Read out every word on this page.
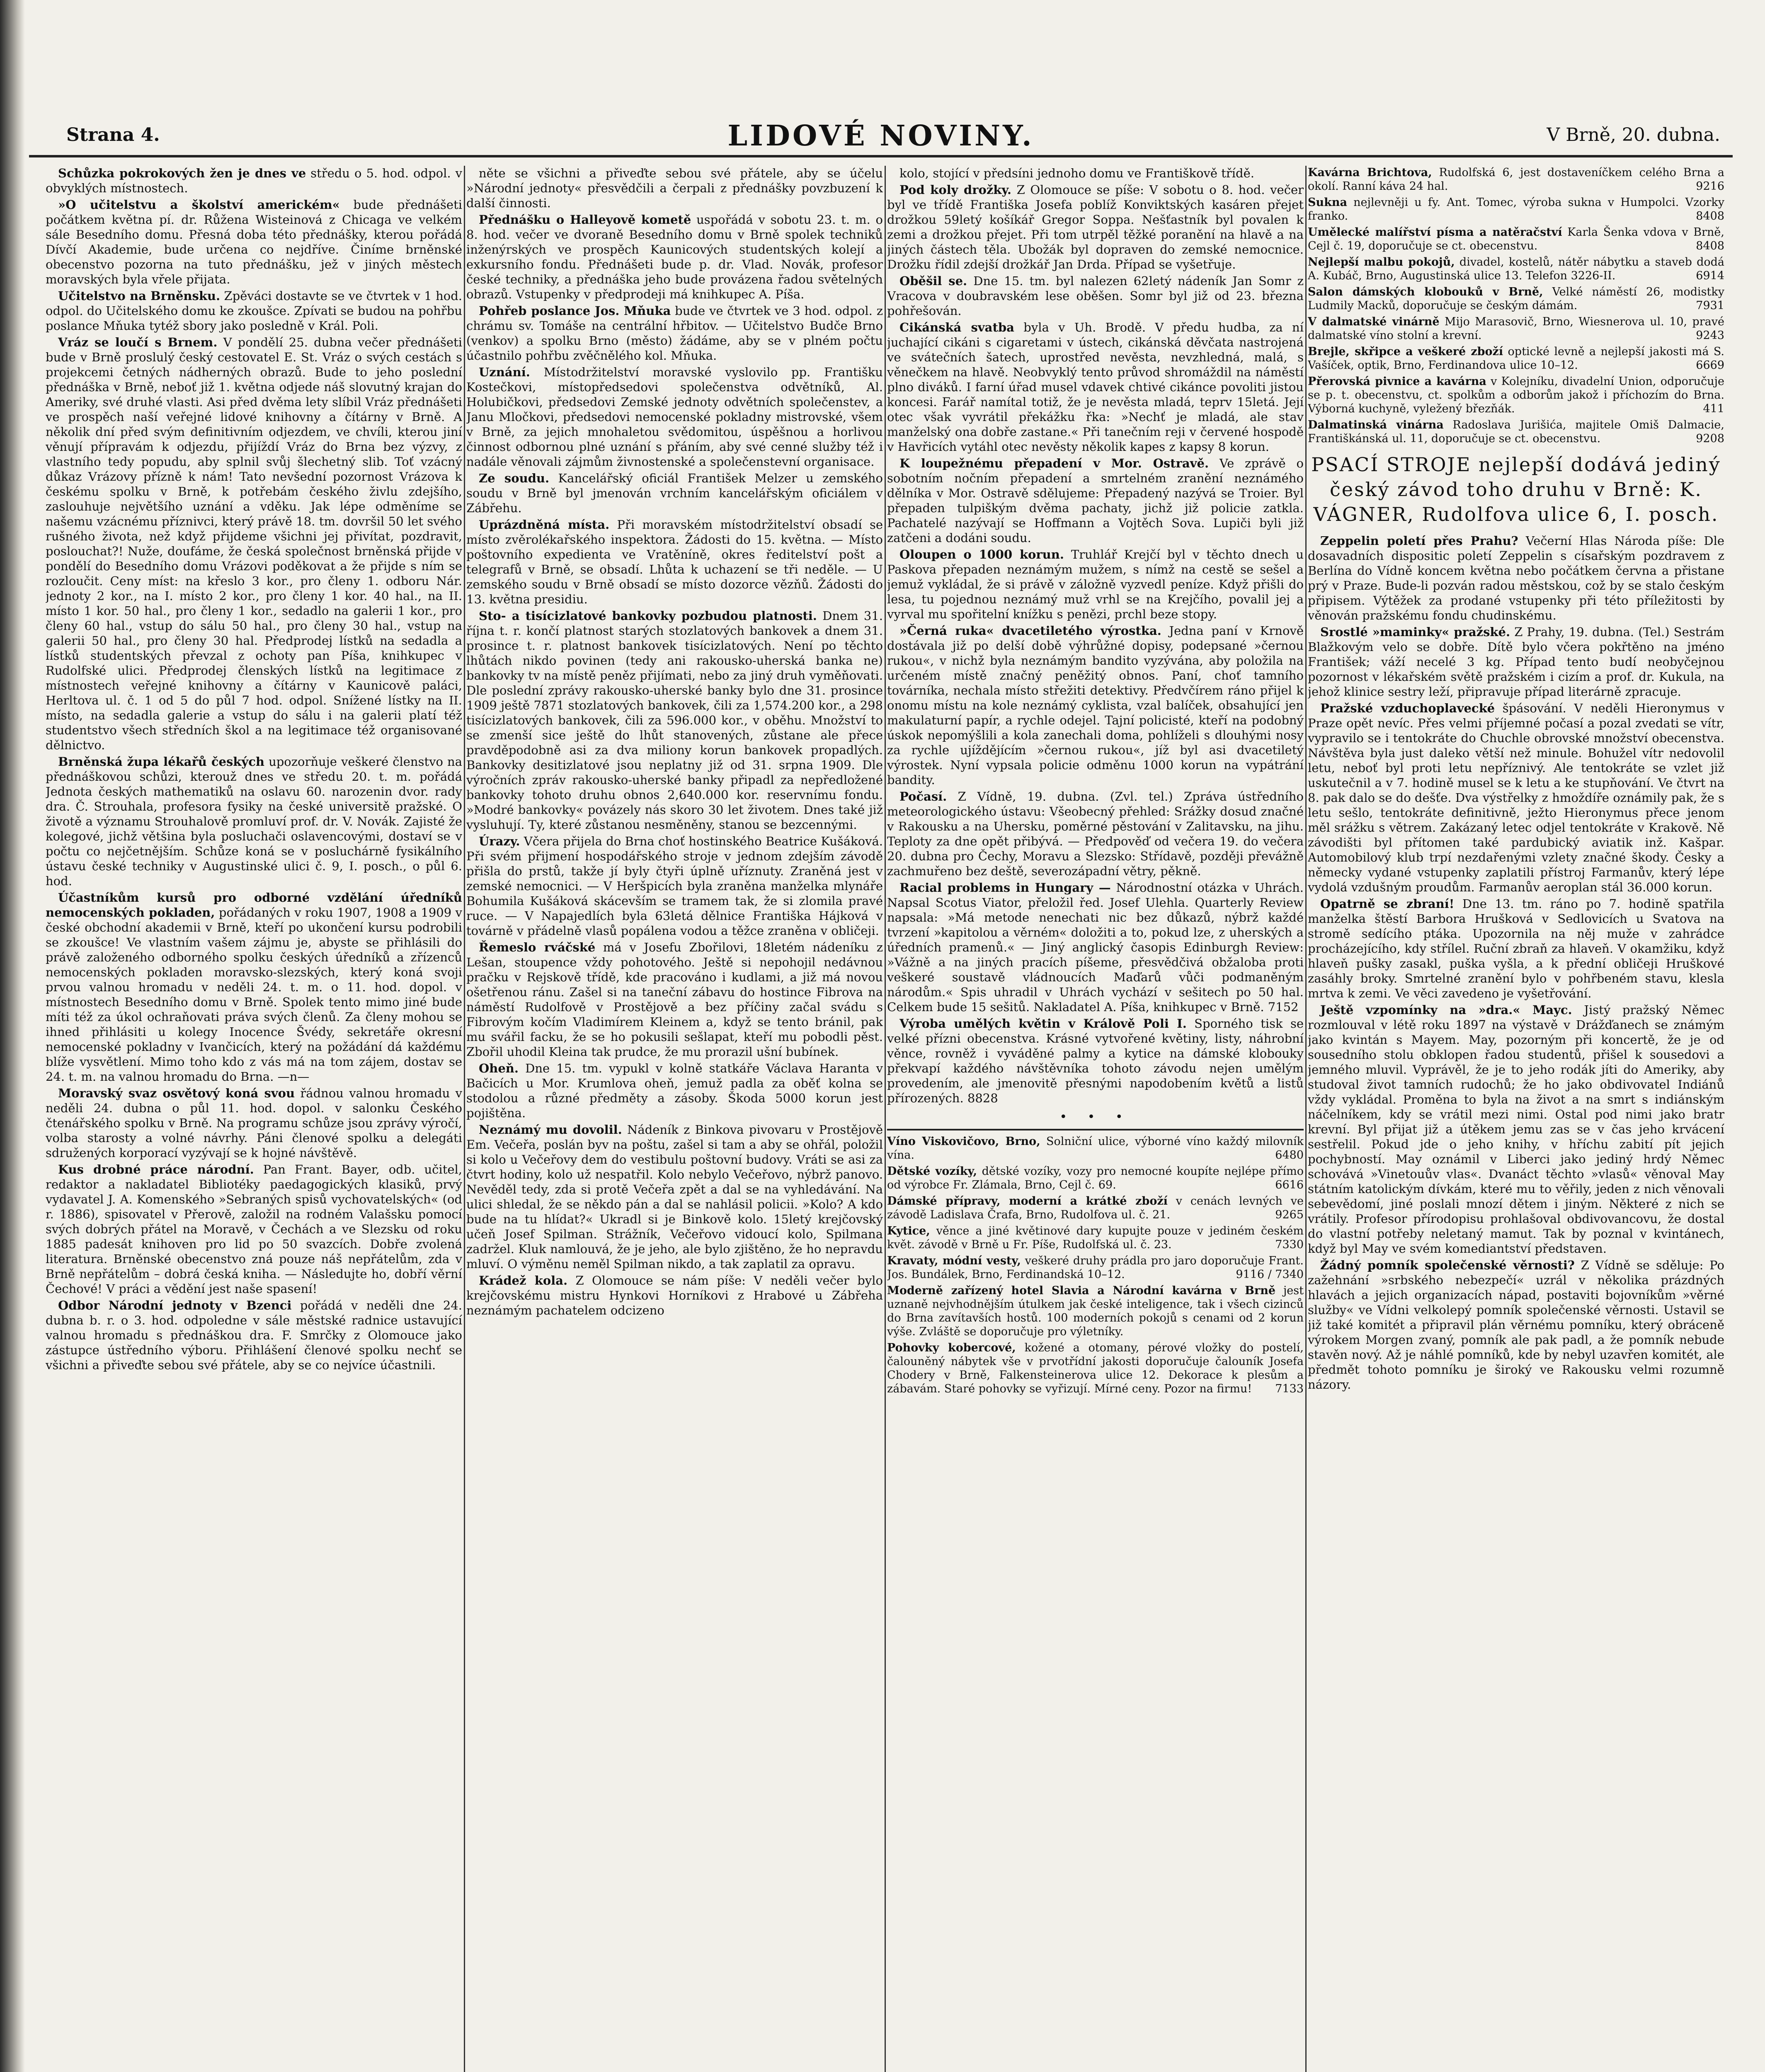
Strana 4.	LIDOVÉ NOVINY.	V Brně, 20. dubna.

Schůzka pokrokových žen je dnes ve středu o 5. hod. odpol. v obvyklých místnostech.

»O učitelstvu a školství americkém« bude přednášeti počátkem května pí. dr. Růžena Wisteinová z Chicaga ve velkém sále Besedního domu. Přesná doba této přednášky, kterou pořádá Dívčí Akademie, bude určena co nejdříve. Činíme brněnské obecenstvo pozorna na tuto přednášku, jež v jiných městech moravských byla vřele přijata.

Učitelstvo na Brněnsku. Zpěváci dostavte se ve čtvrtek v 1 hod. odpol. do Učitelského domu ke zkoušce. Zpívati se budou na pohřbu poslance Mňuka tytéž sbory jako posledně v Král. Poli.

Vráz se loučí s Brnem. V pondělí 25. dubna večer přednášeti bude v Brně proslulý český cestovatel E. St. Vráz o svých cestách s projekcemi četných nádherných obrazů. Bude to jeho poslední přednáška v Brně, neboť již 1. května odjede náš slovutný krajan do Ameriky, své druhé vlasti. Asi před dvěma lety slíbil Vráz přednášeti ve prospěch naší veřejné lidové knihovny a čítárny v Brně. A několik dní před svým definitivním odjezdem, ve chvíli, kterou jiní věnují přípravám k odjezdu, přijíždí Vráz do Brna bez výzvy, z vlastního tedy popudu, aby splnil svůj šlechetný slib. Toť vzácný důkaz Vrázovy přízně k nám! Tato nevšední pozornost Vrázova k českému spolku v Brně, k potřebám českého živlu zdejšího, zaslouhuje největšího uznání a vděku. Jak lépe odměníme se našemu vzácnému příznivci, který právě 18. tm. dovršil 50 let svého rušného života, než když přijdeme všichni jej přivítat, pozdravit, poslouchat?! Nuže, doufáme, že česká společnost brněnská přijde v pondělí do Besedního domu Vrázovi poděkovat a že přijde s ním se rozloučit. Ceny míst: na křeslo 3 kor., pro členy 1. odboru Nár. jednoty 2 kor., na I. místo 2 kor., pro členy 1 kor. 40 hal., na II. místo 1 kor. 50 hal., pro členy 1 kor., sedadlo na galerii 1 kor., pro členy 60 hal., vstup do sálu 50 hal., pro členy 30 hal., vstup na galerii 50 hal., pro členy 30 hal. Předprodej lístků na sedadla a lístků studentských převzal z ochoty pan Píša, knihkupec v Rudolfské ulici. Předprodej členských lístků na legitimace z místnostech veřejné knihovny a čítárny v Kaunicově paláci, Herltova ul. č. 1 od 5 do půl 7 hod. odpol. Snížené lístky na II. místo, na sedadla galerie a vstup do sálu i na galerii platí též studentstvo všech středních škol a na legitimace též organisované dělnictvo.

Brněnská župa lékařů českých upozorňuje veškeré členstvo na přednáškovou schůzi, kterouž dnes ve středu 20. t. m. pořádá Jednota českých mathematiků na oslavu 60. narozenin dvor. rady dra. Č. Strouhala, profesora fysiky na české universitě pražské. O životě a významu Strouhalově promluví prof. dr. V. Novák. Zajisté že kolegové, jichž většina byla posluchači oslavencovými, dostaví se v počtu co nejčetnějším. Schůze koná se v posluchárně fysikálního ústavu české techniky v Augustinské ulici č. 9, I. posch., o půl 6. hod.

Účastníkům kursů pro odborné vzdělání úředníků nemocenských pokladen, pořádaných v roku 1907, 1908 a 1909 v české obchodní akademii v Brně, kteří po ukončení kursu podrobili se zkoušce! Ve vlastním vašem zájmu je, abyste se přihlásili do právě založeného odborného spolku českých úředníků a zřízenců nemocenských pokladen moravsko-slezských, který koná svoji prvou valnou hromadu v neděli 24. t. m. o 11. hod. dopol. v místnostech Besedního domu v Brně. Spolek tento mimo jiné bude míti též za úkol ochraňovati práva svých členů. Za členy mohou se ihned přihlásiti u kolegy Inocence Švédy, sekretáře okresní nemocenské pokladny v Ivančicích, který na požádání dá každému blíže vysvětlení. Mimo toho kdo z vás má na tom zájem, dostav se 24. t. m. na valnou hromadu do Brna. —n—

Moravský svaz osvětový koná svou řádnou valnou hromadu v neděli 24. dubna o půl 11. hod. dopol. v salonku Českého čtenářského spolku v Brně. Na programu schůze jsou zprávy výročí, volba starosty a volné návrhy. Páni členové spolku a delegáti sdružených korporací vyzývají se k hojné návštěvě.

Kus drobné práce národní. Pan Frant. Bayer, odb. učitel, redaktor a nakladatel Bibliotéky paedagogických klasiků, prvý vydavatel J. A. Komenského »Sebraných spisů vychovatelských« (od r. 1886), spisovatel v Přerově, založil na rodném Valašsku pomocí svých dobrých přátel na Moravě, v Čechách a ve Slezsku od roku 1885 padesát knihoven pro lid po 50 svazcích. Dobře zvolená literatura. Brněnské obecenstvo zná pouze náš nepřátelům, zda v Brně nepřátelům – dobrá česká kniha. — Následujte ho, dobří věrní Čechové! V práci a vědění jest naše spasení!

Odbor Národní jednoty v Bzenci pořádá v neděli dne 24. dubna b. r. o 3. hod. odpoledne v sále městské radnice ustavující valnou hromadu s přednáškou dra. F. Smrčky z Olomouce jako zástupce ústředního výboru. Přihlášení členové spolku nechť se všichni a přiveďte sebou své přátele, aby se co nejvíce účastnili.

něte se všichni a přiveďte sebou své přátele, aby se účelu »Národní jednoty« přesvědčili a čerpali z přednášky povzbuzení k další činnosti.

Přednášku o Halleyově kometě uspořádá v sobotu 23. t. m. o 8. hod. večer ve dvoraně Besedního domu v Brně spolek techniků inženýrských ve prospěch Kaunicových studentských kolejí a exkursního fondu. Přednášeti bude p. dr. Vlad. Novák, profesor české techniky, a přednáška jeho bude provázena řadou světelných obrazů. Vstupenky v předprodeji má knihkupec A. Píša.

Pohřeb poslance Jos. Mňuka bude ve čtvrtek ve 3 hod. odpol. z chrámu sv. Tomáše na centrální hřbitov. — Učitelstvo Budče Brno (venkov) a spolku Brno (město) žádáme, aby se v plném počtu účastnilo pohřbu zvěčnělého kol. Mňuka.

Uznání. Místodržitelství moravské vyslovilo pp. Františku Kostečkovi, místopředsedovi společenstva odvětníků, Al. Holubičkovi, předsedovi Zemské jednoty odvětních společenstev, a Janu Mločkovi, předsedovi nemocenské pokladny mistrovské, všem v Brně, za jejich mnohaletou svědomitou, úspěšnou a horlivou činnost odbornou plné uznání s přáním, aby své cenné služby též i nadále věnovali zájmům živnostenské a společenstevní organisace.

Ze soudu. Kancelářský oficiál František Melzer u zemského soudu v Brně byl jmenován vrchním kancelářským oficiálem v Zábřehu.

Uprázdněná místa. Při moravském místodržitelství obsadí se místo zvěrolékařského inspektora. Žádosti do 15. května. — Místo poštovního expedienta ve Vratěníně, okres ředitelství pošt a telegrafů v Brně, se obsadí. Lhůta k uchazení se tři neděle. — U zemského soudu v Brně obsadí se místo dozorce vězňů. Žádosti do 13. května presidiu.

Sto- a tisícizlatové bankovky pozbudou platnosti. Dnem 31. října t. r. končí platnost starých stozlatových bankovek a dnem 31. prosince t. r. platnost bankovek tisícizlatových. Není po těchto lhůtách nikdo povinen (tedy ani rakousko-uherská banka ne) bankovky tv na místě peněz přijímati, nebo za jiný druh vyměňovati. Dle poslední zprávy rakousko-uherské banky bylo dne 31. prosince 1909 ještě 7871 stozlatových bankovek, čili za 1,574.200 kor., a 298 tisícizlatových bankovek, čili za 596.000 kor., v oběhu. Množství to se zmenší sice ještě do lhůt stanovených, zůstane ale přece pravděpodobně asi za dva miliony korun bankovek propadlých. Bankovky desitizlatové jsou neplatny již od 31. srpna 1909. Dle výročních zpráv rakousko-uherské banky připadl za nepředložené bankovky tohoto druhu obnos 2,640.000 kor. reservnímu fondu. »Modré bankovky« povázely nás skoro 30 let životem. Dnes také již vysluhují. Ty, které zůstanou nesměněny, stanou se bezcennými.

Úrazy. Včera přijela do Brna choť hostinského Beatrice Kušáková. Při svém přijmení hospodářského stroje v jednom zdejším závodě přišla do prstů, takže jí byly čtyři úplně uříznuty. Zraněná jest v zemské nemocnici. — V Heršpicích byla zraněna manželka mlynáře Bohumila Kušáková skácevším se tramem tak, že si zlomila pravé ruce. — V Napajedlích byla 63letá dělnice Františka Hájková v továrně v přádelně vlasů popálena vodou a těžce zraněna v obličeji.

Řemeslo rváčské má v Josefu Zbořilovi, 18letém nádeníku z Lešan, stoupence vždy pohotového. Ještě si nepohojil nedávnou pračku v Rejskově třídě, kde pracováno i kudlami, a již má novou ošetřenou ránu. Zašel si na taneční zábavu do hostince Fibrova na náměstí Rudolfově v Prostějově a bez příčiny začal svádu s Fibrovým kočím Vladimírem Kleinem a, když se tento bránil, pak mu svářil facku, že se ho pokusili sešlapat, kteří mu pobodli pěst. Zbořil uhodil Kleina tak prudce, že mu prorazil ušní bubínek.

Oheň. Dne 15. tm. vypukl v kolně statkáře Václava Haranta v Bačicích u Mor. Krumlova oheň, jemuž padla za oběť kolna se stodolou a různé předměty a zásoby. Škoda 5000 korun jest pojištěna.

Neznámý mu dovolil. Nádeník z Binkova pivovaru v Prostějově Em. Večeřa, poslán byv na poštu, zašel si tam a aby se ohřál, položil si kolo u Večeřovy dem do vestibulu poštovní budovy. Vráti se asi za čtvrt hodiny, kolo už nespatřil. Kolo nebylo Večeřovo, nýbrž panovo. Nevěděl tedy, zda si protě Večeřa zpět a dal se na vyhledávání. Na ulici shledal, že se někdo pán a dal se nahlásil policii. »Kolo? A kdo bude na tu hlídat?« Ukradl si je Binkově kolo. 15letý krejčovský učeň Josef Spilman. Strážník, Večeřovo vidoucí kolo, Spilmana zadržel. Kluk namlouvá, že je jeho, ale bylo zjištěno, že ho nepravdu mluví. O výměnu neměl Spilman nikdo, a tak zaplatil za opravu.

Krádež kola. Z Olomouce se nám píše: V neděli večer bylo krejčovskému mistru Hynkovi Horníkovi z Hrabové u Zábřeha neznámým pachatelem odcizeno

kolo, stojící v předsíni jednoho domu ve Františkově třídě.

Pod koly drožky. Z Olomouce se píše: V sobotu o 8. hod. večer byl ve třídě Františka Josefa poblíž Konviktských kasáren přejet drožkou 59letý košíkář Gregor Soppa. Nešťastník byl povalen k zemi a drožkou přejet. Při tom utrpěl těžké poranění na hlavě a na jiných částech těla. Ubožák byl dopraven do zemské nemocnice. Drožku řídil zdejší drožkář Jan Drda. Případ se vyšetřuje.

Oběšil se. Dne 15. tm. byl nalezen 62letý nádeník Jan Somr z Vracova v doubravském lese oběšen. Somr byl již od 23. března pohřešován.

Cikánská svatba byla v Uh. Brodě. V předu hudba, za ní juchající cikáni s cigaretami v ústech, cikánská děvčata nastrojená ve svátečních šatech, uprostřed nevěsta, nevzhledná, malá, s věnečkem na hlavě. Neobvyklý tento průvod shromáždil na náměstí plno diváků. I farní úřad musel vdavek chtivé cikánce povoliti jistou koncesi. Farář namítal totiž, že je nevěsta mladá, teprv 15letá. Její otec však vyvrátil překážku řka: »Nechť je mladá, ale stav manželský ona dobře zastane.« Při tanečním reji v červené hospodě v Havřicích vytáhl otec nevěsty několik kapes z kapsy 8 korun.

K loupežnému přepadení v Mor. Ostravě. Ve zprávě o sobotním nočním přepadení a smrtelném zranění neznámého dělníka v Mor. Ostravě sdělujeme: Přepadený nazývá se Troier. Byl přepaden tulpiškým dvěma pachaty, jichž již policie zatkla. Pachatelé nazývají se Hoffmann a Vojtěch Sova. Lupiči byli již zatčeni a dodáni soudu.

Oloupen o 1000 korun. Truhlář Krejčí byl v těchto dnech u Paskova přepaden neznámým mužem, s nímž na cestě se sešel a jemuž vykládal, že si právě v záložně vyzvedl peníze. Když přišli do lesa, tu pojednou neznámý muž vrhl se na Krejčího, povalil jej a vyrval mu spořitelní knížku s penězi, prchl beze stopy.

»Černá ruka« dvacetiletého výrostka. Jedna paní v Krnově dostávala již po delší době výhrůžné dopisy, podepsané »černou rukou«, v nichž byla neznámým bandito vyzývána, aby položila na určeném místě značný peněžitý obnos. Paní, choť tamního továrníka, nechala místo střežiti detektivy. Předvčírem ráno přijel k onomu místu na kole neznámý cyklista, vzal balíček, obsahující jen makulaturní papír, a rychle odejel. Tajní policisté, kteří na podobný úskok nepomýšlili a kola zanechali doma, pohlíželi s dlouhými nosy za rychle ujíždějícím »černou rukou«, jíž byl asi dvacetiletý výrostek. Nyní vypsala policie odměnu 1000 korun na vypátrání bandity.

Počasí. Z Vídně, 19. dubna. (Zvl. tel.) Zpráva ústředního meteorologického ústavu: Všeobecný přehled: Srážky dosud značné v Rakousku a na Uhersku, poměrné pěstování v Zalitavsku, na jihu. Teploty za dne opět přibývá. — Předpověď od večera 19. do večera 20. dubna pro Čechy, Moravu a Slezsko: Střídavě, později převážně zachmuřeno bez deště, severozápadní větry, pěkně.

Racial problems in Hungary — Národnostní otázka v Uhrách. Napsal Scotus Viator, přeložil řed. Josef Ulehla. Quarterly Review napsala: »Má metode nenechati nic bez důkazů, nýbrž každé tvrzení »kapitolou a věrném« doložiti a to, pokud lze, z uherských a úředních pramenů.« — Jiný anglický časopis Edinburgh Review: »Vážně a na jiných pracích píšeme, přesvědčivá obžaloba proti veškeré soustavě vládnoucích Maďarů vůči podmaněným národům.« Spis uhradil v Uhrách vychází v sešitech po 50 hal. Celkem bude 15 sešitů. Nakladatel A. Píša, knihkupec v Brně. 7152

Výroba umělých květin v Králově Poli I. Sporného tisk se velké přízni obecenstva. Krásné vytvořené květiny, listy, náhrobní věnce, rovněž i vyváděné palmy a kytice na dámské klobouky překvapí každého návštěvníka tohoto závodu nejen umělým provedením, ale jmenovitě přesnými napodobením květů a listů přírozených. 8828

• • •
Víno Viskovičovo, Brno, Solniční ulice, výborné víno každý milovník vína.	6480
Dětské vozíky, dětské vozíky, vozy pro nemocné koupíte nejlépe přímo od výrobce Fr. Zlámala, Brno, Cejl č. 69.	6616
Dámské přípravy, moderní a krátké zboží v cenách levných ve závodě Ladislava Črafa, Brno, Rudolfova ul. č. 21.	9265
Kytice, věnce a jiné květinové dary kupujte pouze v jediném českém květ. závodě v Brně u Fr. Píše, Rudolfská ul. č. 23.	7330
Kravaty, módní vesty, veškeré druhy prádla pro jaro doporučuje Frant. Jos. Bundálek, Brno, Ferdinandská 10–12.	9116 / 7340
Moderně zařízený hotel Slavia a Národní kavárna v Brně jest uznaně nejvhodnějším útulkem jak české inteligence, tak i všech cizinců do Brna zavítavších hostů. 100 moderních pokojů s cenami od 2 korun výše. Zvláště se doporučuje pro výletníky.
Pohovky kobercové, kožené a otomany, pérové vložky do postelí, čalouněný nábytek vše v prvotřídní jakosti doporučuje čalouník Josefa Chodery v Brně, Falkensteinerova ulice 12. Dekorace k plesům a zábavám. Staré pohovky se vyřizují. Mírné ceny. Pozor na firmu! 7133
Kavárna Brichtova, Rudolfská 6, jest dostaveníčkem celého Brna a okolí. Ranní káva 24 hal.	9216
Sukna nejlevněji u fy. Ant. Tomec, výroba sukna v Humpolci. Vzorky franko.	8408
Umělecké malířství písma a natěračství Karla Šenka vdova v Brně, Cejl č. 19, doporučuje se ct. obecenstvu.	8408
Nejlepší malbu pokojů, divadel, kostelů, nátěr nábytku a staveb dodá A. Kubáč, Brno, Augustinská ulice 13. Telefon 3226-II.	6914
Salon dámských klobouků v Brně, Velké náměstí 26, modistky Ludmily Macků, doporučuje se českým dámám.	7931
V dalmatské vinárně Mijo Marasovič, Brno, Wiesnerova ul. 10, pravé dalmatské víno stolní a krevní.	9243
Brejle, skřipce a veškeré zboží optické levně a nejlepší jakosti má S. Vašíček, optik, Brno, Ferdinandova ulice 10–12.	6669
Přerovská pivnice a kavárna v Kolejníku, divadelní Union, odporučuje se p. t. obecenstvu, ct. spolkům a odborům jakož i příchozím do Brna. Výborná kuchyně, vyležený březňák.	411
Dalmatinská vinárna Radoslava Jurišića, majitele Omiš Dalmacie, Františkánská ul. 11, doporučuje se ct. obecenstvu.	9208
PSACÍ STROJE nejlepší dodává jediný český závod toho druhu v Brně: K. VÁGNER, Rudolfova ulice 6, I. posch.

Zeppelin poletí přes Prahu? Večerní Hlas Národa píše: Dle dosavadních dispositic poletí Zeppelin s císařským pozdravem z Berlína do Vídně koncem května nebo počátkem června a přistane prý v Praze. Bude-li pozván radou městskou, což by se stalo českým připisem. Výtěžek za prodané vstupenky při této příležitosti by věnován pražskému fondu chudinskému.

Srostlé »maminky« pražské. Z Prahy, 19. dubna. (Tel.) Sestrám Blažkovým velo se dobře. Dítě bylo včera pokřtěno na jméno František; váží necelé 3 kg. Případ tento budí neobyčejnou pozornost v lékařském světě pražském i cizím a prof. dr. Kukula, na jehož klinice sestry leží, připravuje případ literárně zpracuje.

Pražské vzduchoplavecké špásování. V neděli Hieronymus v Praze opět nevíc. Přes velmi příjemné počasí a pozal zvedati se vítr, vypravilo se i tentokráte do Chuchle obrovské množství obecenstva. Návštěva byla just daleko větší než minule. Bohužel vítr nedovolil letu, neboť byl proti letu nepříznivý. Ale tentokráte se vzlet již uskutečnil a v 7. hodině musel se k letu a ke stupňování. Ve čtvrt na 8. pak dalo se do dešťe. Dva výstřelky z hmoždíře oznámily pak, že s letu sešlo, tentokráte definitivně, ježto Hieronymus přece jenom měl srážku s větrem. Zakázaný letec odjel tentokráte v Krakově. Ně závodišti byl přítomen také pardubický aviatik inž. Kašpar. Automobilový klub trpí nezdařenými vzlety značné škody. Česky a německy vydané vstupenky zaplatili přístroj Farmanův, který lépe vydolá vzdušným proudům. Farmanův aeroplan stál 36.000 korun.

Opatrně se zbraní! Dne 13. tm. ráno po 7. hodině spatřila manželka štěstí Barbora Hrušková v Sedlovicích u Svatova na stromě sedícího ptáka. Upozornila na něj muže v zahrádce procházejícího, kdy střílel. Ruční zbraň za hlaveň. V okamžiku, když hlaveň pušky zasakl, puška vyšla, a k přední obličeji Hruškové zasáhly broky. Smrtelné zranění bylo v pohřbeném stavu, klesla mrtva k zemi. Ve věci zavedeno je vyšetřování.

Ještě vzpomínky na »dra.« Mayc. Jistý pražský Němec rozmlouval v létě roku 1897 na výstavě v Drážďanech se známým jako kvintán s Mayem. May, pozorným při koncertě, že je od sousedního stolu obklopen řadou studentů, přišel k sousedovi a jemného mluvil. Vyprávěl, že je to jeho rodák jíti do Ameriky, aby studoval život tamních rudochů; že ho jako obdivovatel Indiánů vždy vykládal. Proměna to byla na život a na smrt s indiánským náčelníkem, kdy se vrátil mezi nimi. Ostal pod nimi jako bratr krevní. Byl přijat již a útěkem jemu zas se v čas jeho krvácení sestřelil. Pokud jde o jeho knihy, v hříchu zabití pít jejich pochybností. May oznámil v Liberci jako jediný hrdý Němec schovává »Vinetouův vlas«. Dvanáct těchto »vlasů« věnoval May státním katolickým dívkám, které mu to věřily, jeden z nich věnovali sebevědomí, jiné poslali mnozí dětem i jiným. Některé z nich se vrátily. Profesor přírodopisu prohlašoval obdivovancovu, že dostal do vlastní potřeby neletaný mamut. Tak by poznal v kvintánech, když byl May ve svém komediantství představen.

Žádný pomník společenské věrnosti? Z Vídně se sděluje: Po zažehnání »srbského nebezpečí« uzrál v několika prázdných hlavách a jejich organizacích nápad, postaviti bojovníkům »věrné služby« ve Vídni velkolepý pomník společenské věrnosti. Ustavil se již také komitét a připravil plán věrnému pomníku, který obráceně výrokem Morgen zvaný, pomník ale pak padl, a že pomník nebude stavěn nový. Až je náhlé pomníků, kde by nebyl uzavřen komitét, ale předmět tohoto pomníku je široký ve Rakousku velmi rozumně názory.
